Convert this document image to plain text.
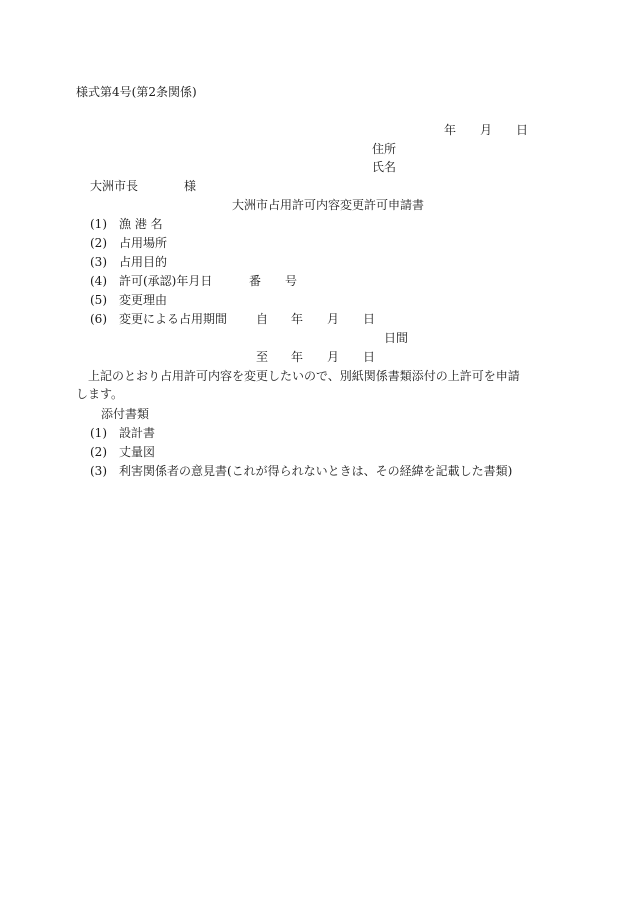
様式第4号(第2条関係)
年 月 日
住所
氏名
大洲市長	様
大洲市占用許可内容変更許可申請書
(1) 漁 港 名
(2) 占用場所
(3) 占用目的
(4) 許可(承認)年月日	番 号
(5) 変更理由
(6) 変更による占用期間 自 年 月 日
日間
至 年 月 日
上記のとおり占用許可内容を変更したいので、別紙関係書類添付の上許可を申請します。
添付書類
(1) 設計書
(2) 丈量図
(3) 利害関係者の意見書(これが得られないときは、その経緯を記載した書類)
